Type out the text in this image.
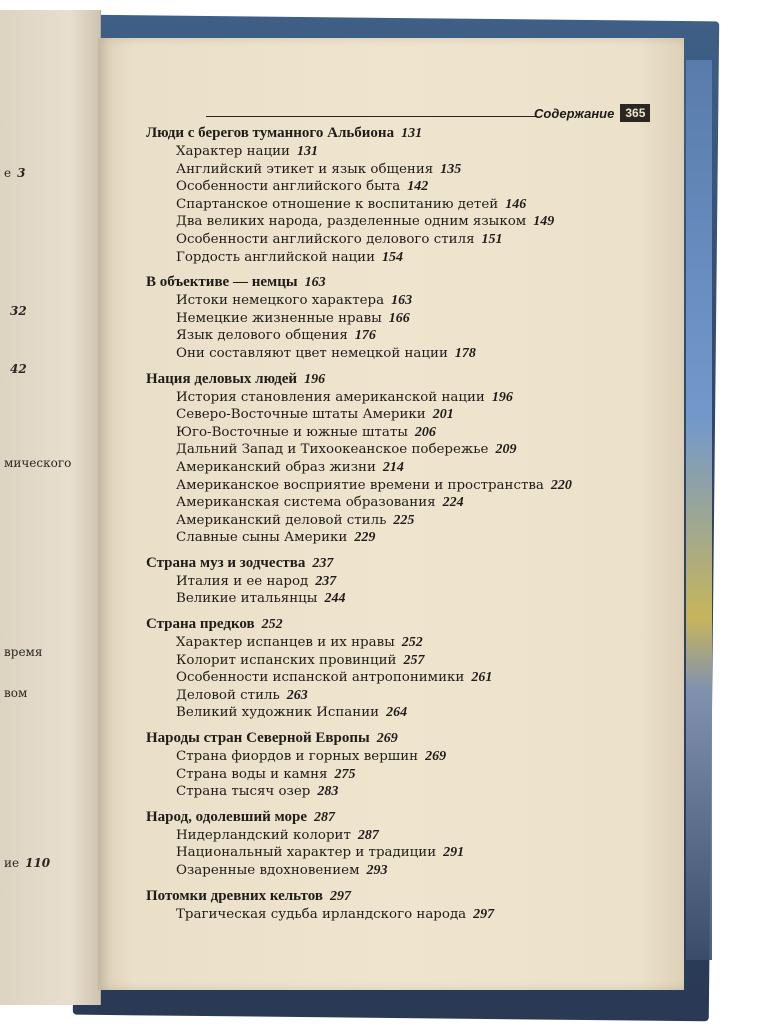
е 3
32
42
мического
время
вом
ие 110
Содержание 365
Люди с берегов туманного Альбиона 131
Характер нации 131
Английский этикет и язык общения 135
Особенности английского быта 142
Спартанское отношение к воспитанию детей 146
Два великих народа, разделенные одним языком 149
Особенности английского делового стиля 151
Гордость английской нации 154
В объективе — немцы 163
Истоки немецкого характера 163
Немецкие жизненные нравы 166
Язык делового общения 176
Они составляют цвет немецкой нации 178
Нация деловых людей 196
История становления американской нации 196
Северо-Восточные штаты Америки 201
Юго-Восточные и южные штаты 206
Дальний Запад и Тихоокеанское побережье 209
Американский образ жизни 214
Американское восприятие времени и пространства 220
Американская система образования 224
Американский деловой стиль 225
Славные сыны Америки 229
Страна муз и зодчества 237
Италия и ее народ 237
Великие итальянцы 244
Страна предков 252
Характер испанцев и их нравы 252
Колорит испанских провинций 257
Особенности испанской антропонимики 261
Деловой стиль 263
Великий художник Испании 264
Народы стран Северной Европы 269
Страна фиордов и горных вершин 269
Страна воды и камня 275
Страна тысяч озер 283
Народ, одолевший море 287
Нидерландский колорит 287
Национальный характер и традиции 291
Озаренные вдохновением 293
Потомки древних кельтов 297
Трагическая судьба ирландского народа 297
